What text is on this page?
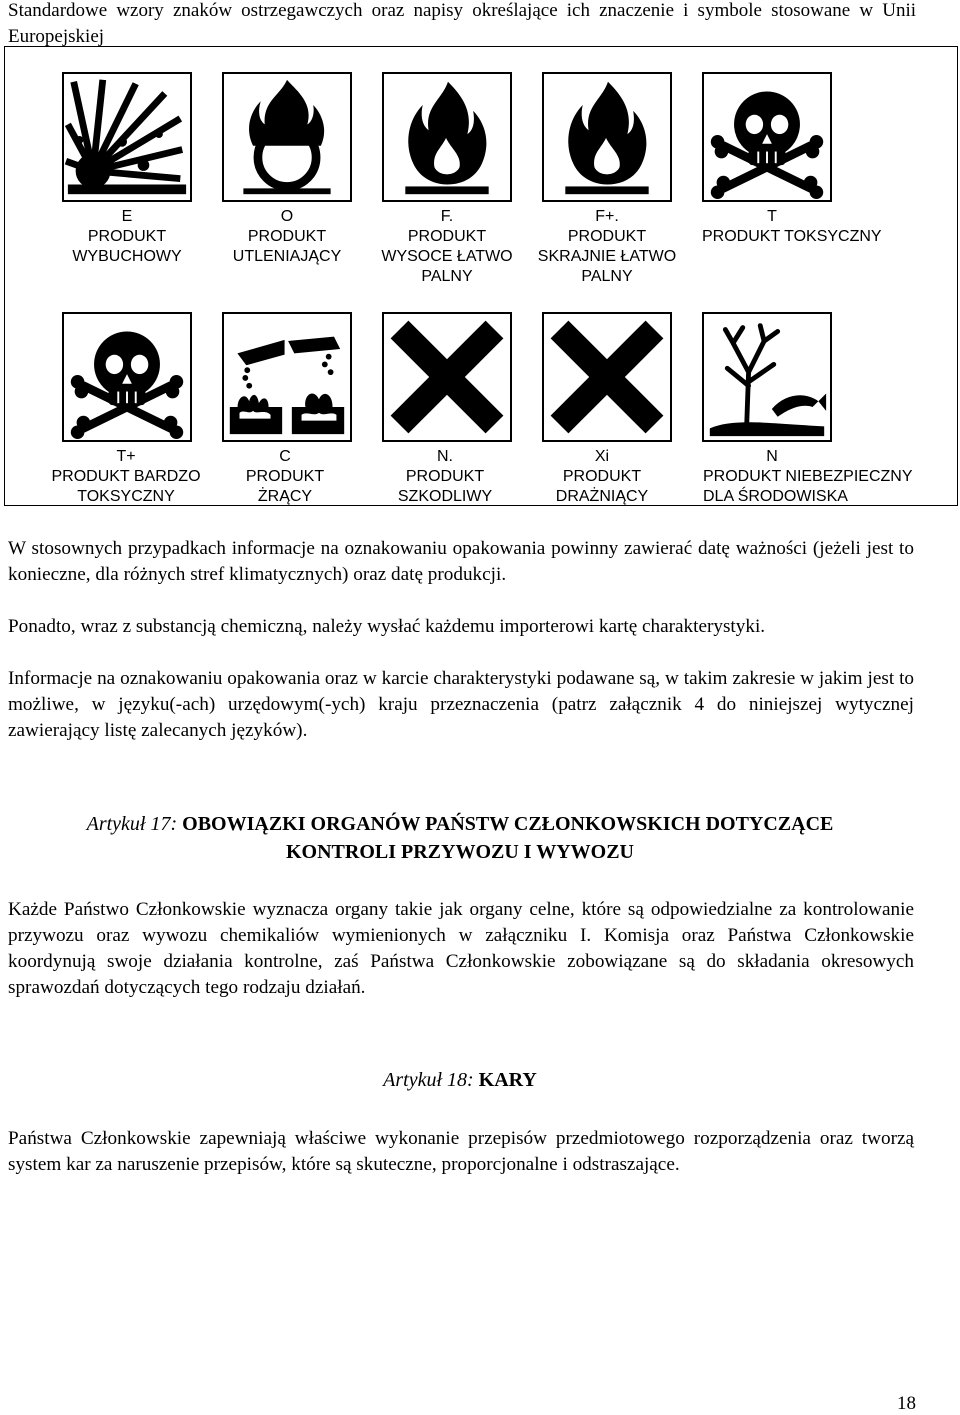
Standardowe wzory znaków ostrzegawczych oraz napisy określające ich znaczenie i symbole stosowane w Unii Europejskiej
E
PRODUKT
WYBUCHOWY
O
PRODUKT
UTLENIAJĄCY
F.
PRODUKT
WYSOCE ŁATWO
PALNY
F+.
PRODUKT
SKRAJNIE ŁATWO
PALNY
T
PRODUKT TOKSYCZNY
T+
PRODUKT BARDZO
TOKSYCZNY
C
PRODUKT
ŻRĄCY
N.
PRODUKT
SZKODLIWY
Xi
PRODUKT
DRAŻNIĄCY
N
PRODUKT NIEBEZPIECZNY
DLA ŚRODOWISKA
W stosownych przypadkach informacje na oznakowaniu opakowania powinny zawierać datę ważności (jeżeli jest to konieczne, dla różnych stref klimatycznych) oraz datę produkcji.
Ponadto, wraz z substancją chemiczną, należy wysłać każdemu importerowi kartę charakterystyki.
Informacje na oznakowaniu opakowania oraz w karcie charakterystyki podawane są, w takim zakresie w jakim jest to możliwe, w języku(-ach) urzędowym(-ych) kraju przeznaczenia (patrz załącznik 4 do niniejszej wytycznej zawierający listę zalecanych języków).
Artykuł 17: OBOWIĄZKI ORGANÓW PAŃSTW CZŁONKOWSKICH DOTYCZĄCE
KONTROLI PRZYWOZU I WYWOZU
Każde Państwo Członkowskie wyznacza organy takie jak organy celne, które są odpowiedzialne za kontrolowanie przywozu oraz wywozu chemikaliów wymienionych w załączniku I. Komisja oraz Państwa Członkowskie koordynują swoje działania kontrolne, zaś Państwa Członkowskie zobowiązane są do składania okresowych sprawozdań dotyczących tego rodzaju działań.
Artykuł 18: KARY
Państwa Członkowskie zapewniają właściwe wykonanie przepisów przedmiotowego rozporządzenia oraz tworzą system kar za naruszenie przepisów, które są skuteczne, proporcjonalne i odstraszające.
18
